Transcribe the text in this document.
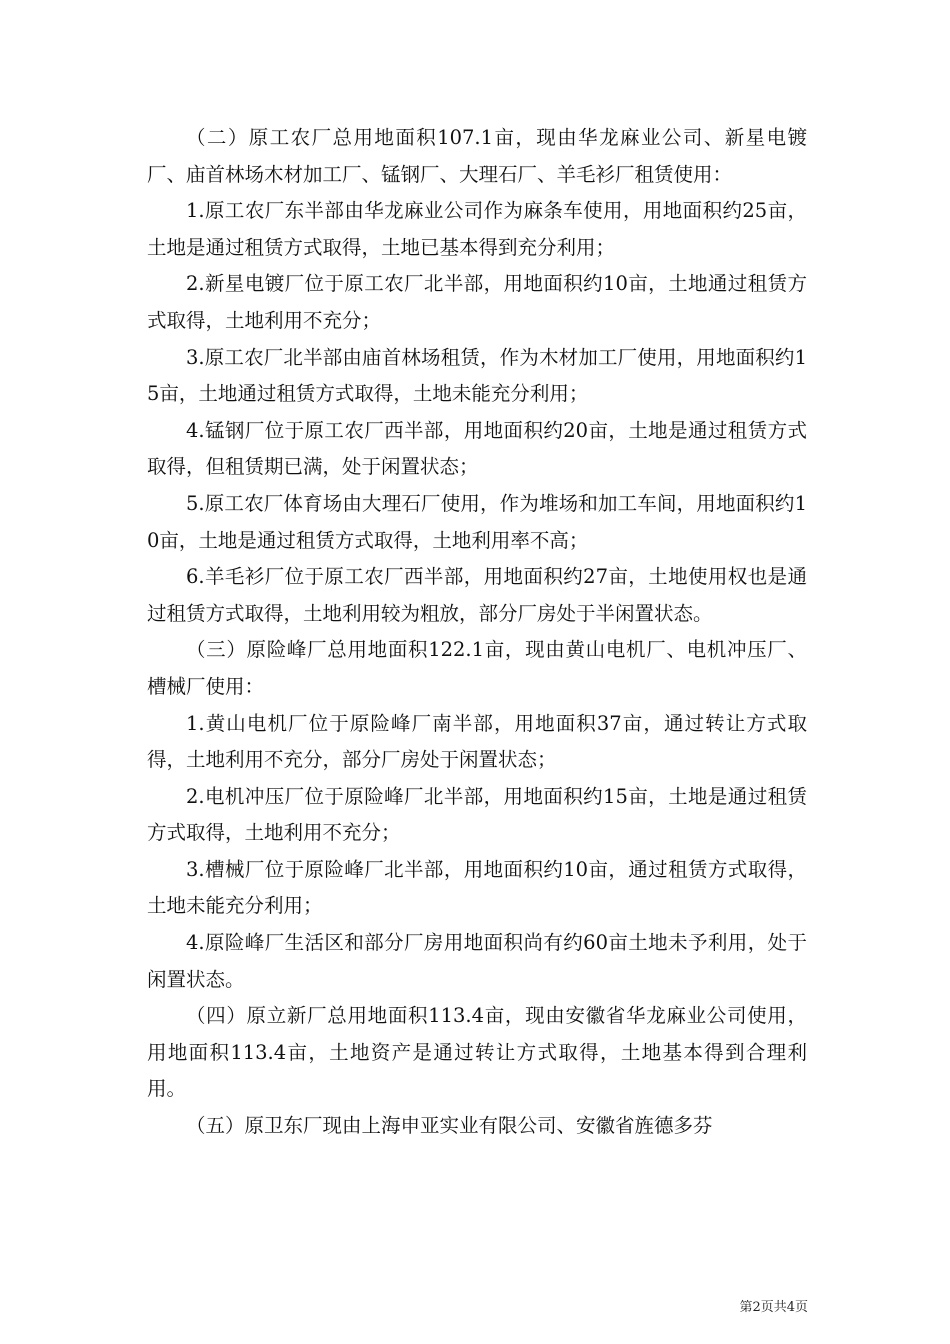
（二）原工农厂总用地面积107.1亩，现由华龙麻业公司、新星电镀厂、庙首林场木材加工厂、锰钢厂、大理石厂、羊毛衫厂租赁使用：

1.原工农厂东半部由华龙麻业公司作为麻条车使用，用地面积约25亩，土地是通过租赁方式取得，土地已基本得到充分利用；

2.新星电镀厂位于原工农厂北半部，用地面积约10亩，土地通过租赁方式取得，土地利用不充分；

3.原工农厂北半部由庙首林场租赁，作为木材加工厂使用，用地面积约15亩，土地通过租赁方式取得，土地未能充分利用；

4.锰钢厂位于原工农厂西半部，用地面积约20亩，土地是通过租赁方式取得，但租赁期已满，处于闲置状态；

5.原工农厂体育场由大理石厂使用，作为堆场和加工车间，用地面积约10亩，土地是通过租赁方式取得，土地利用率不高；

6.羊毛衫厂位于原工农厂西半部，用地面积约27亩，土地使用权也是通过租赁方式取得，土地利用较为粗放，部分厂房处于半闲置状态。

（三）原险峰厂总用地面积122.1亩，现由黄山电机厂、电机冲压厂、槽械厂使用：

1.黄山电机厂位于原险峰厂南半部，用地面积37亩，通过转让方式取得，土地利用不充分，部分厂房处于闲置状态；

2.电机冲压厂位于原险峰厂北半部，用地面积约15亩，土地是通过租赁方式取得，土地利用不充分；

3.槽械厂位于原险峰厂北半部，用地面积约10亩，通过租赁方式取得，土地未能充分利用；

4.原险峰厂生活区和部分厂房用地面积尚有约60亩土地未予利用，处于闲置状态。

（四）原立新厂总用地面积113.4亩，现由安徽省华龙麻业公司使用，用地面积113.4亩，土地资产是通过转让方式取得，土地基本得到合理利用。

（五）原卫东厂现由上海申亚实业有限公司、安徽省旌德多芬

第2页共4页
